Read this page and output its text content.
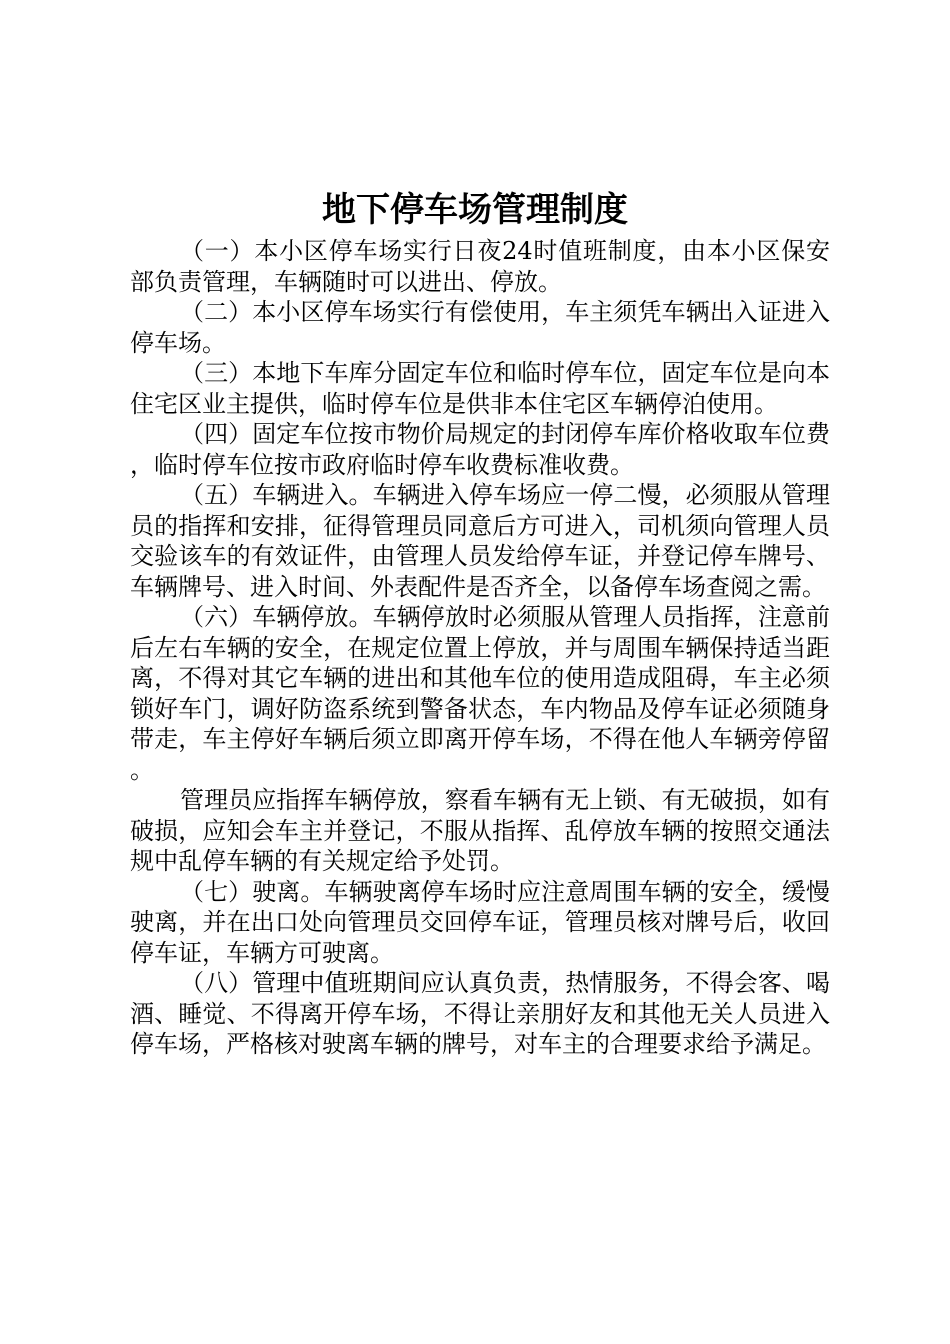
地下停车场管理制度

（一）本小区停车场实行日夜24时值班制度，由本小区保安部负责管理，车辆随时可以进出、停放。

（二）本小区停车场实行有偿使用，车主须凭车辆出入证进入停车场。

（三）本地下车库分固定车位和临时停车位，固定车位是向本住宅区业主提供，临时停车位是供非本住宅区车辆停泊使用。

（四）固定车位按市物价局规定的封闭停车库价格收取车位费，临时停车位按市政府临时停车收费标准收费。

（五）车辆进入。车辆进入停车场应一停二慢，必须服从管理员的指挥和安排，征得管理员同意后方可进入，司机须向管理人员交验该车的有效证件，由管理人员发给停车证，并登记停车牌号、车辆牌号、进入时间、外表配件是否齐全，以备停车场查阅之需。

（六）车辆停放。车辆停放时必须服从管理人员指挥，注意前后左右车辆的安全，在规定位置上停放，并与周围车辆保持适当距离，不得对其它车辆的进出和其他车位的使用造成阻碍，车主必须锁好车门，调好防盗系统到警备状态，车内物品及停车证必须随身带走，车主停好车辆后须立即离开停车场，不得在他人车辆旁停留。

管理员应指挥车辆停放，察看车辆有无上锁、有无破损，如有破损，应知会车主并登记，不服从指挥、乱停放车辆的按照交通法规中乱停车辆的有关规定给予处罚。

（七）驶离。车辆驶离停车场时应注意周围车辆的安全，缓慢驶离，并在出口处向管理员交回停车证，管理员核对牌号后，收回停车证，车辆方可驶离。

（八）管理中值班期间应认真负责，热情服务，不得会客、喝酒、睡觉、不得离开停车场，不得让亲朋好友和其他无关人员进入停车场，严格核对驶离车辆的牌号，对车主的合理要求给予满足。
